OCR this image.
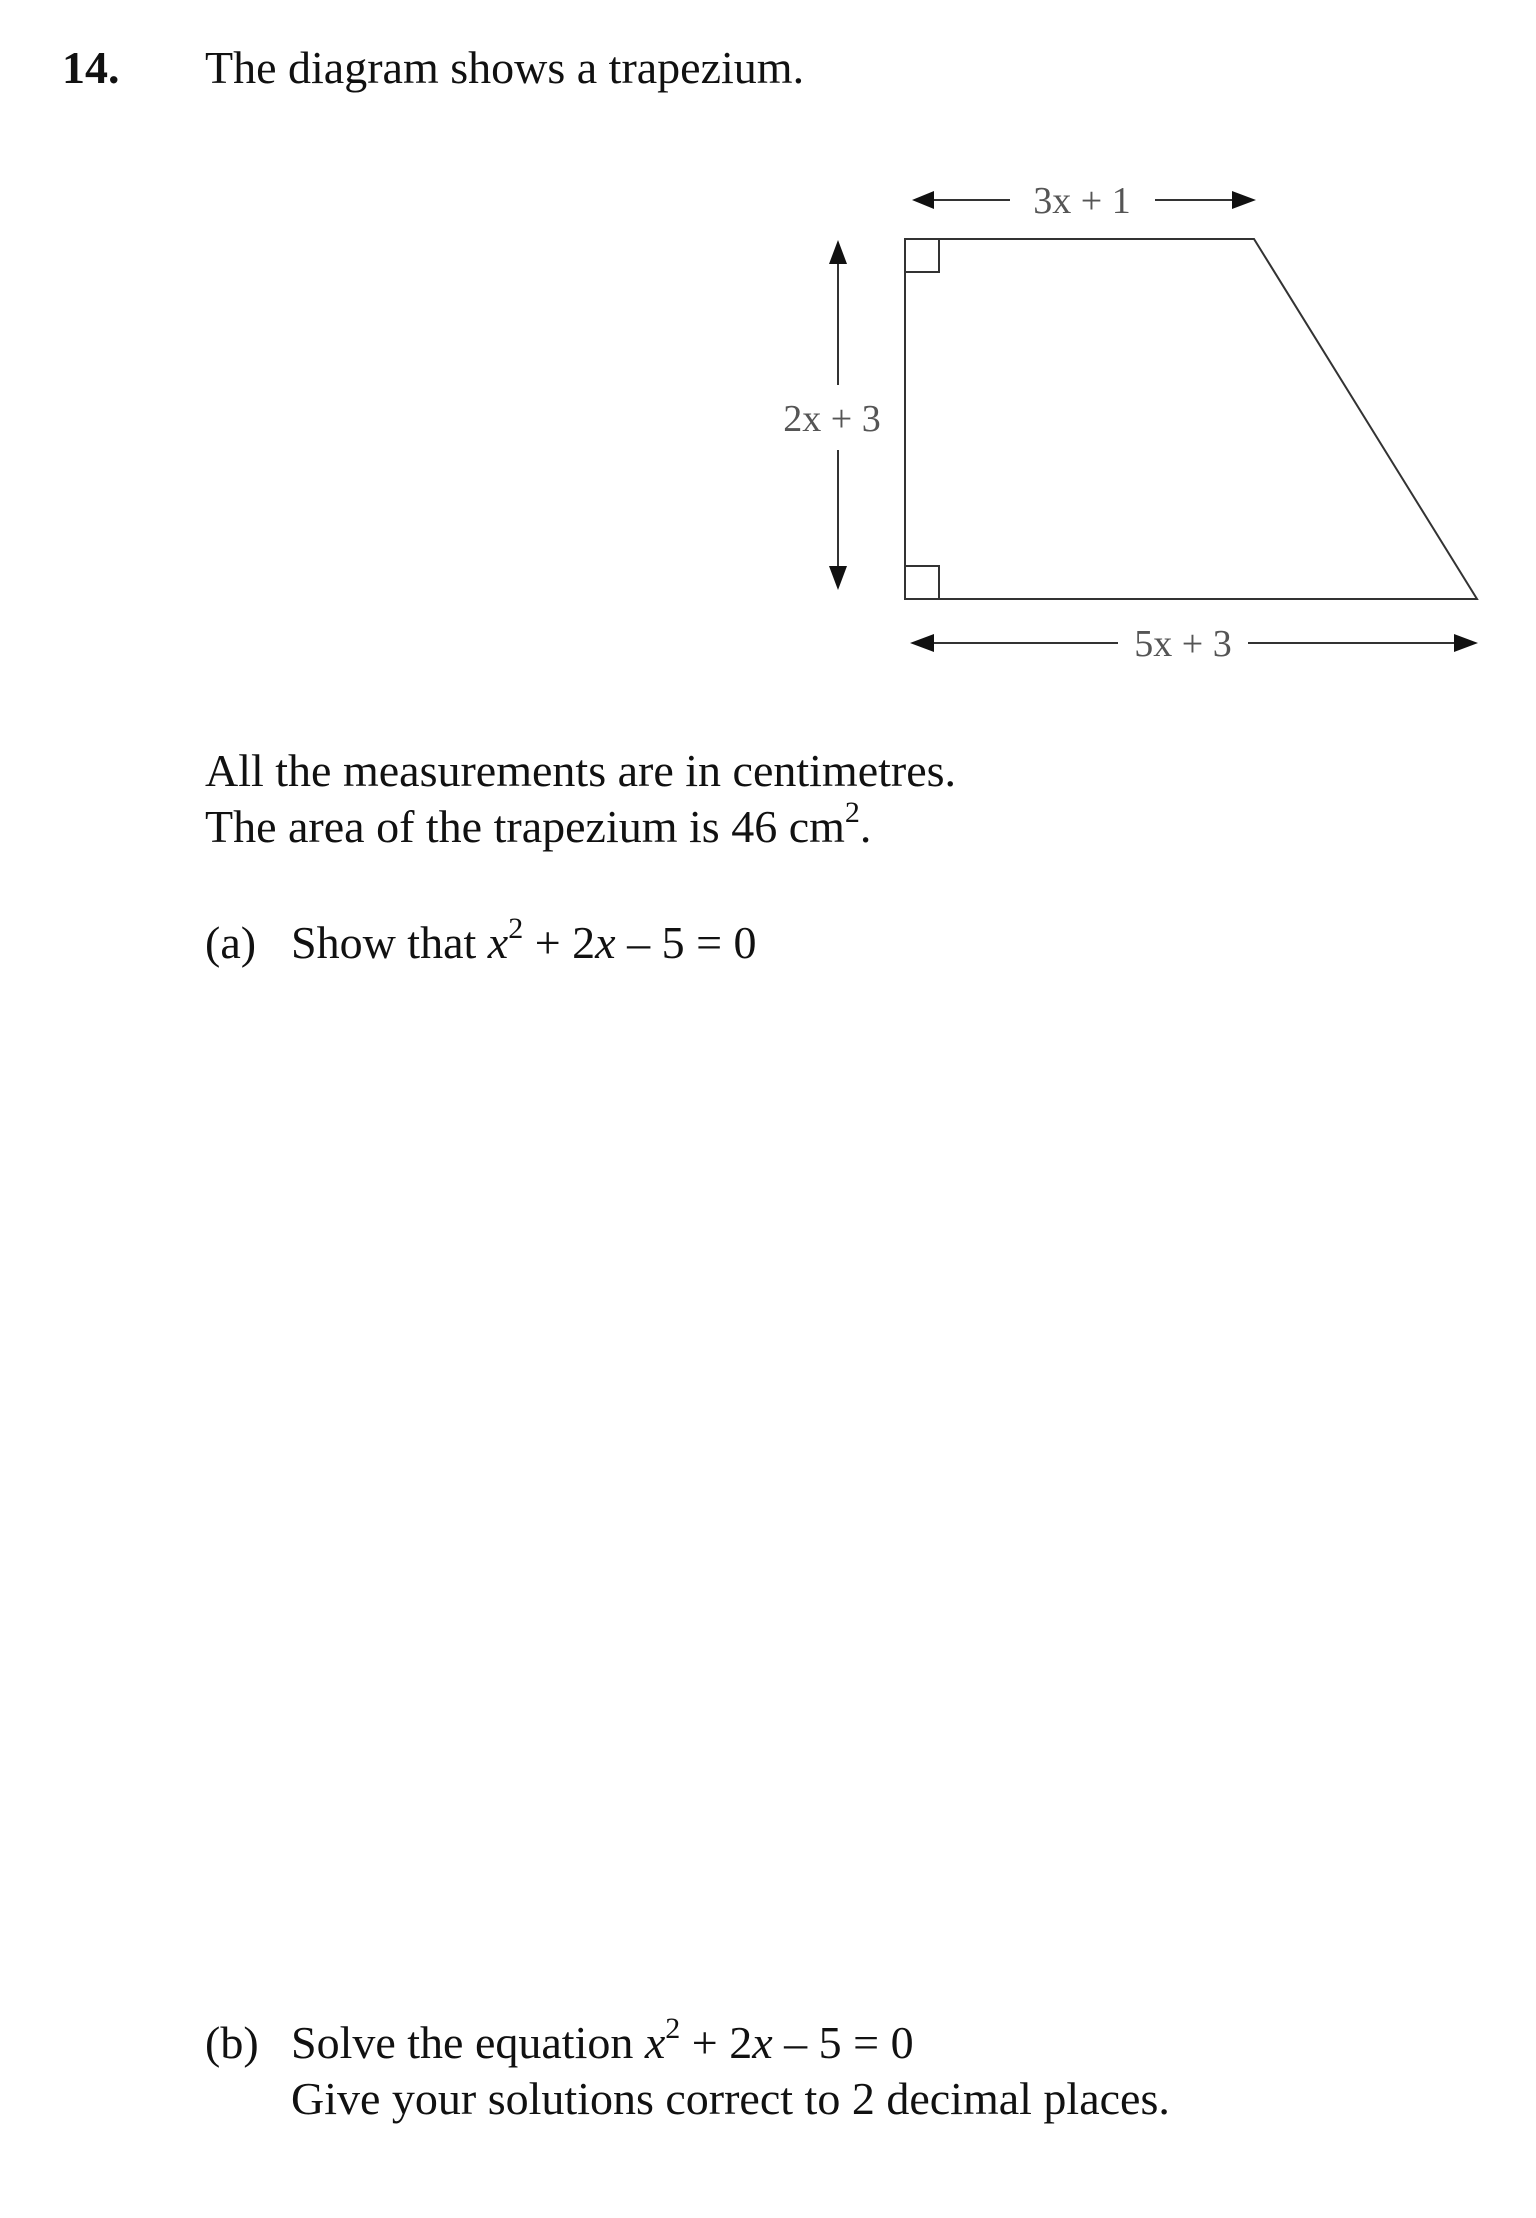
14. The diagram shows a trapezium.
3x + 1
2x + 3
5x + 3
All the measurements are in centimetres.
The area of the trapezium is 46 $cm^2$.
(a) Show that $x^2 + 2x - 5 = 0$
(b) Solve the equation $x^2 + 2x - 5 = 0$
Give your solutions correct to 2 decimal places.
